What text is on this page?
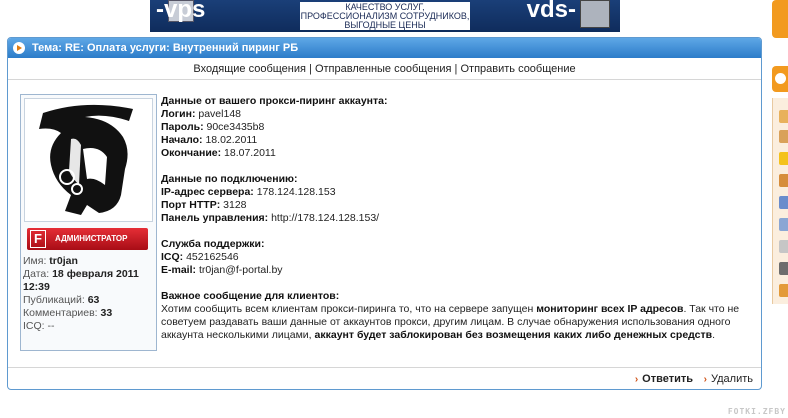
-vps	КАЧЕСТВО УСЛУГ,
ПРОФЕССИОНАЛИЗМ СОТРУДНИКОВ,
ВЫГОДНЫЕ ЦЕНЫ
vds-
Тема: RE: Оплата услуги: Внутренний пиринг РБ
Входящие сообщения | Отправленные сообщения | Отправить сообщение
F	АДМИНИСТРАТОР
Имя: tr0jan
Дата: 18 февраля 2011 12:39
Публикаций: 63
Комментариев: 33
ICQ: --
Данные от вашего прокси-пиринг аккаунта:
Логин: pavel148
Пароль: 90ce3435b8
Начало: 18.02.2011
Окончание: 18.07.2011
Данные по подключению:
IP-адрес сервера: 178.124.128.153
Порт HTTP: 3128
Панель управления: http://178.124.128.153/
Служба поддержки:
ICQ: 452162546
E-mail: tr0jan@f-portal.by
Важное сообщение для клиентов:
Хотим сообщить всем клиентам прокси-пиринга то, что на сервере запущен мониторинг всех IP адресов. Так что не советуем раздавать ваши данные от аккаунтов прокси, другим лицам. В случае обнаружения использования одного аккаунта несколькими лицами, аккаунт будет заблокирован без возмещения каких либо денежных средств.
› Ответить › Удалить
FOTKI.ZFBY
